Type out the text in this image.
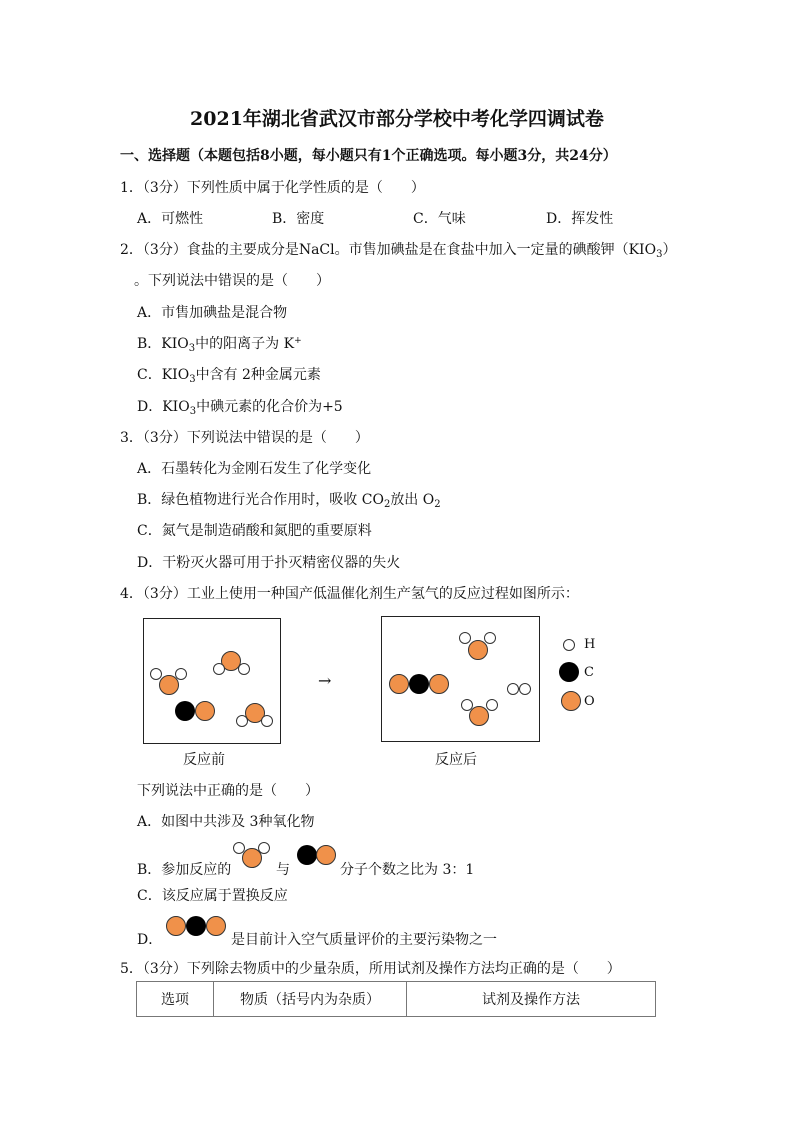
2021年湖北省武汉市部分学校中考化学四调试卷
一、选择题（本题包括8小题，每小题只有1个正确选项。每小题3分，共24分）
1．（3分）下列性质中属于化学性质的是（　　）
A．可燃性	B．密度	C．气味	D．挥发性
2．（3分）食盐的主要成分是NaCl。市售加碘盐是在食盐中加入一定量的碘酸钾$(KIO_3)$
。下列说法中错误的是（　　）
A．市售加碘盐是混合物
B．$KIO_3$中的阳离子为 K+
C．$KIO_3$中含有 2种金属元素
D．$KIO_3$中碘元素的化合价为+5
3．（3分）下列说法中错误的是（　　）
A．石墨转化为金刚石发生了化学变化
B．绿色植物进行光合作用时，吸收 $CO_2$放出 $O_2$
C．氮气是制造硝酸和氮肥的重要原料
D．干粉灭火器可用于扑灭精密仪器的失火
4．（3分）工业上使用一种国产低温催化剂生产氢气的反应过程如图所示：
反应前
→
反应后
H
C
O
下列说法中正确的是（　　）
A．如图中共涉及 3种氧化物
B．参加反应的	与	分子个数之比为 3：1
C．该反应属于置换反应
D．	是目前计入空气质量评价的主要污染物之一
5．（3分）下列除去物质中的少量杂质，所用试剂及操作方法均正确的是（　　）
选项	物质（括号内为杂质）	试剂及操作方法
